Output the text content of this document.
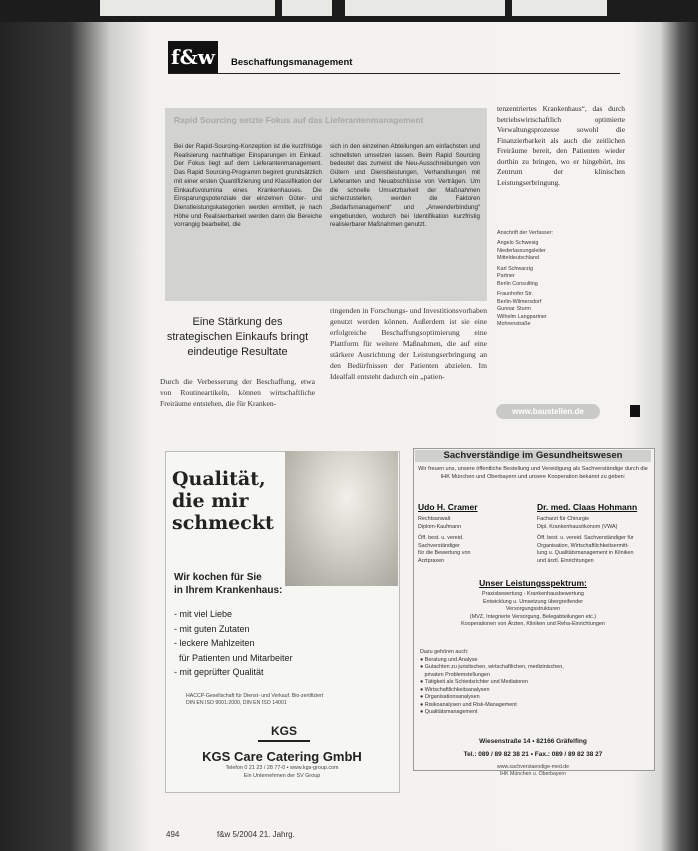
f&w	Beschaffungsmanagement
Rapid Sourcing setzte Fokus auf das Lieferantenmanagement
Bei der Rapid-Sourcing-Konzeption ist die kurzfristige Realisierung nachhaltiger Einsparungen im Einkauf. Der Fokus liegt auf dem Lieferantenmanagement. Das Rapid Sourcing-Programm beginnt grundsätzlich mit einer ersten Quantifizierung und Klassifikation der Einkaufsvolumina eines Krankenhauses. Die Einsparungspotenziale der einzelnen Güter- und Dienstleistungskategorien werden ermittelt, je nach Höhe und Realisierbarkeit werden dann die Bereiche vorrangig bearbeitet, die
sich in den einzelnen Abteilungen am einfachsten und schnellsten umsetzen lassen. Beim Rapid Sourcing bedeutet das zumeist die Neu-Ausschreibungen von Gütern und Dienstleistungen, Verhandlungen mit Lieferanten und Neuabschlüsse von Verträgen. Um die schnelle Umsetzbarkeit der Maßnahmen sicherzustellen, werden die Faktoren „Bedarfsmanagement“ und „Anwenderbindung“ eingebunden, wodurch bei Identifikation kurzfristig realisierbarer Maßnahmen genutzt.
tenzentriertes Krankenhaus“, das durch betriebswirtschaftlich optimierte Verwaltungsprozesse sowohl die Finanzierbarkeit als auch die zeitlichen Freiräume bereit, den Patienten wieder dorthin zu bringen, wo er hingehört, ins Zentrum der klinischen Leistungserbringung.
Anschrift der Verfasser:
Angelo Schwesig
Niederlassungsleiter
Mitteldeutschland
Karl Schwarzig
Partner
Berlin Consulting
Fraunhofer Str.
Berlin-Wilmersdorf
Gunnar Sturm
Wilhelm Langpartner
Mohrenstraße
www.baustellen.de
Eine Stärkung des strategischen Einkaufs bringt eindeutige Resultate
Durch die Verbesserung der Beschaffung, etwa von Routineartikeln, können wirtschaftliche Freiräume entstehen, die für Kranken-
ringenden in Forschungs- und Investitionsvorhaben genutzt werden können. Außerdem ist sie eine erfolgreiche Beschaffungsoptimierung eine Plattform für weitere Maßnahmen, die auf eine stärkere Ausrichtung der Leistungserbringung an den Bedürfnissen der Patienten abzielen. Im Idealfall entsteht dadurch ein „patien-
Qualität,
die mir
schmeckt
Wir kochen für Sie
in Ihrem Krankenhaus:
- mit viel Liebe
- mit guten Zutaten
- leckere Mahlzeiten
für Patienten und Mitarbeiter
- mit geprüfter Qualität
HACCP-Gesellschaft für Dienst- und Verkauf. Bio-zertifiziert
DIN EN ISO 9001:2000, DIN EN ISO 14001
KGS
KGS Care Catering GmbH
Telefon 0 21 23 / 28 77-0 • www.kgs-group.com
Ein Unternehmen der SV Group
Sachverständige im Gesundheitswesen
Wir freuen uns, unsere öffentliche Bestellung und Vereidigung als Sachverständige durch die IHK München und Oberbayern und unsere Kooperation bekannt zu geben:
Udo H. Cramer	Dr. med. Claas Hohmann
Rechtsanwalt
Diplom-Kaufmann
Öff. best. u. vereid.
Sachverständiger
für die Bewertung von
Arztpraxen
Facharzt für Chirurgie
Dipl. Krankenhausökonom (VWA)
Öff. best. u. vereid. Sachverständiger für
Organisation, Wirtschaftlichkeitsermitt-
lung u. Qualitätsmanagement in Kliniken
und ärztl. Einrichtungen
Unser Leistungsspektrum:
Praxisbewertung - Krankenhausbewertung
Entwicklung u. Umsetzung übergreifender
Versorgungsstrukturen
(MVZ, Integrierte Versorgung, Belegabteilungen etc.)
Kooperationen von Ärzten, Kliniken und Reha-Einrichtungen
Dazu gehören auch:
● Beratung und Analyse
● Gutachten zu juristischen, wirtschaftlichen, medizinischen,
privaten Problemstellungen
● Tätigkeit als Schiedsrichter und Mediatoren
● Wirtschaftlichkeitsanalysen
● Organisationsanalysen
● Risikoanalysen und Risk-Management
● Qualitätsmanagement
Wiesenstraße 14 • 82166 Gräfelfing
Tel.: 089 / 89 82 38 21 • Fax.: 089 / 89 82 38 27
www.sachverstaendige-med.de
IHK München u. Oberbayern
494	f&w 5/2004 21. Jahrg.
